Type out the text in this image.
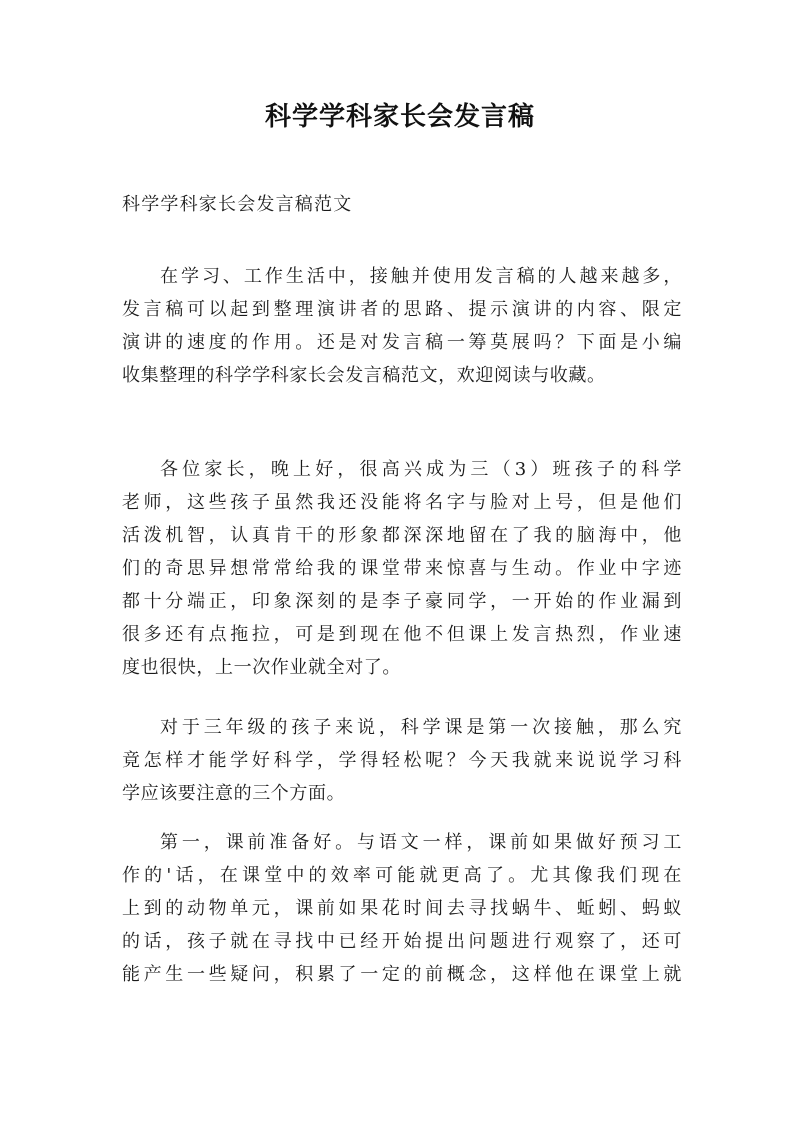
科学学科家长会发言稿
科学学科家长会发言稿范文
在学习、工作生活中，接触并使用发言稿的人越来越多，
发言稿可以起到整理演讲者的思路、提示演讲的内容、限定
演讲的速度的作用。还是对发言稿一筹莫展吗？下面是小编
收集整理的科学学科家长会发言稿范文，欢迎阅读与收藏。
各位家长，晚上好，很高兴成为三（3）班孩子的科学
老师，这些孩子虽然我还没能将名字与脸对上号，但是他们
活泼机智，认真肯干的形象都深深地留在了我的脑海中，他
们的奇思异想常常给我的课堂带来惊喜与生动。作业中字迹
都十分端正，印象深刻的是李子豪同学，一开始的作业漏到
很多还有点拖拉，可是到现在他不但课上发言热烈，作业速
度也很快，上一次作业就全对了。
对于三年级的孩子来说，科学课是第一次接触，那么究
竟怎样才能学好科学，学得轻松呢？今天我就来说说学习科
学应该要注意的三个方面。
第一，课前准备好。与语文一样，课前如果做好预习工
作的'话，在课堂中的效率可能就更高了。尤其像我们现在
上到的动物单元，课前如果花时间去寻找蜗牛、蚯蚓、蚂蚁
的话，孩子就在寻找中已经开始提出问题进行观察了，还可
能产生一些疑问，积累了一定的前概念，这样他在课堂上就
